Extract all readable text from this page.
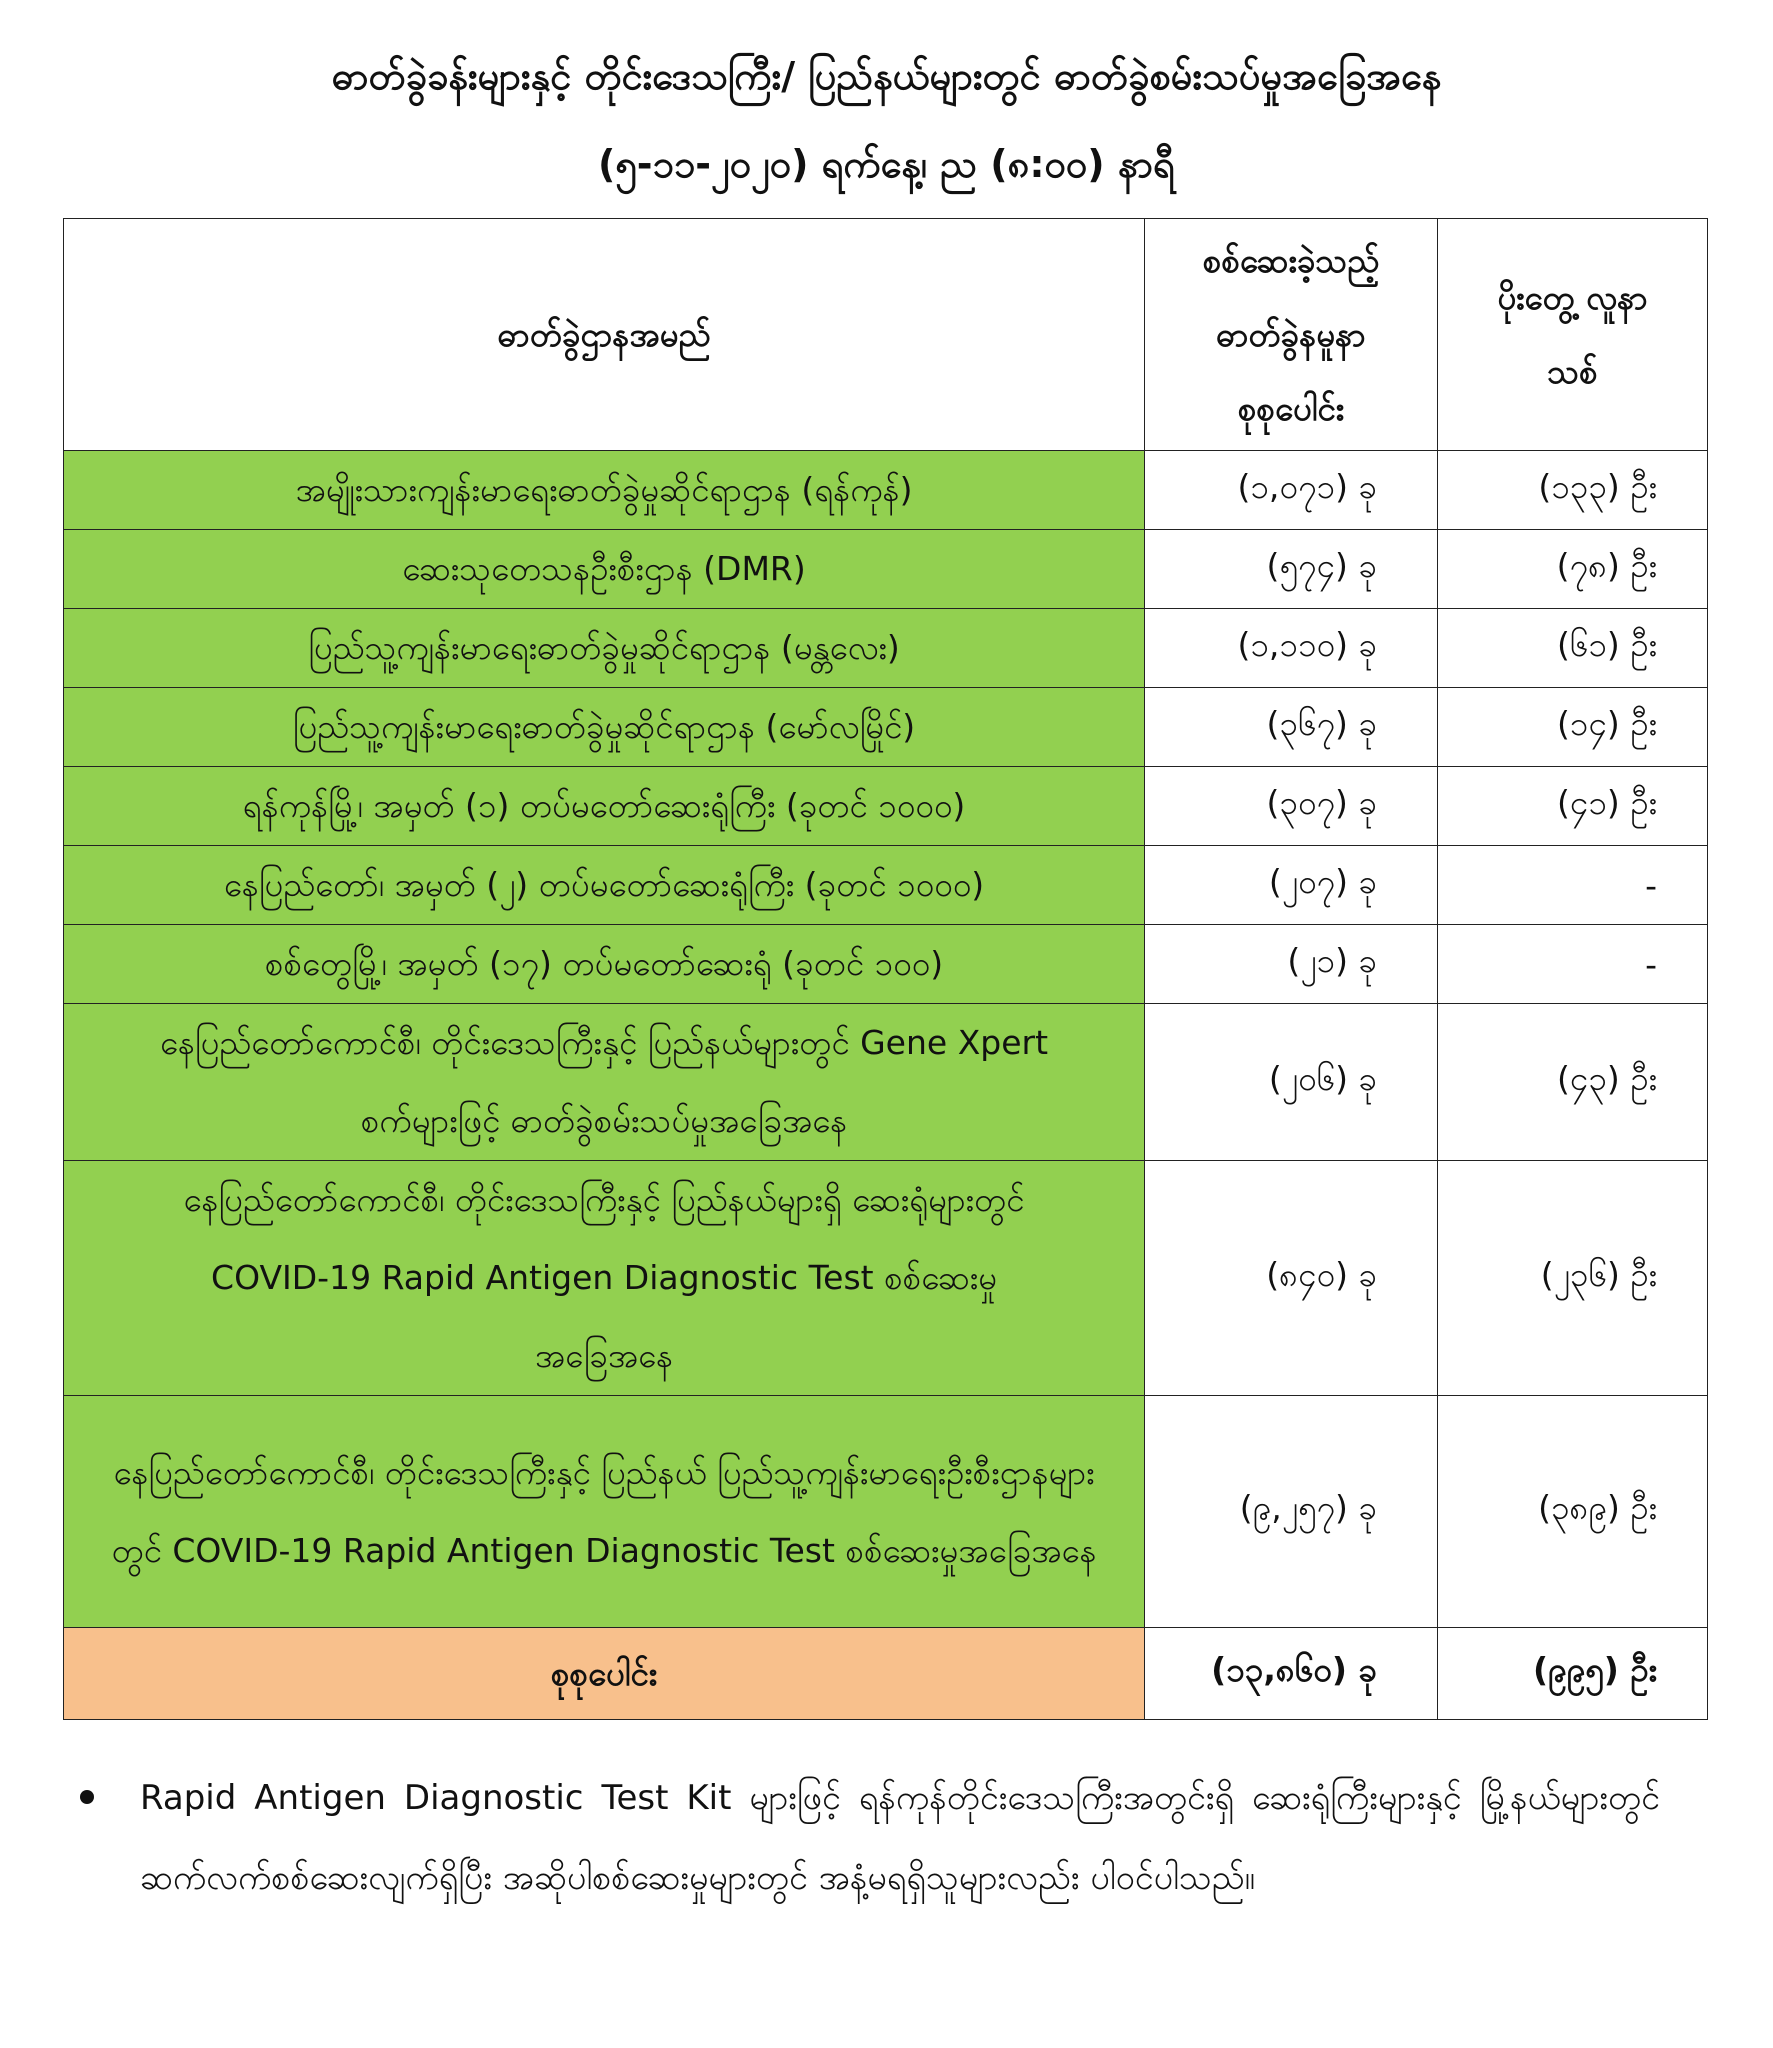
ဓာတ်ခွဲခန်းများနှင့် တိုင်းဒေသကြီး/ ပြည်နယ်များတွင် ဓာတ်ခွဲစမ်းသပ်မှုအခြေအနေ
(၅-၁၁-၂၀၂၀) ရက်နေ့၊ ည (၈:၀၀) နာရီ
ဓာတ်ခွဲဌာနအမည်	စစ်ဆေးခဲ့သည့် ဓာတ်ခွဲနမူနာ စုစုပေါင်း	ပိုးတွေ့ လူနာသစ်
အမျိုးသားကျန်းမာရေးဓာတ်ခွဲမှုဆိုင်ရာဌာန (ရန်ကုန်)	(၁,၀၇၁) ခု	(၁၃၃) ဦး
ဆေးသုတေသနဦးစီးဌာန (DMR)	(၅၇၄) ခု	(၇၈) ဦး
ပြည်သူ့ကျန်းမာရေးဓာတ်ခွဲမှုဆိုင်ရာဌာန (မန္တလေး)	(၁,၁၁၀) ခု	(၆၁) ဦး
ပြည်သူ့ကျန်းမာရေးဓာတ်ခွဲမှုဆိုင်ရာဌာန (မော်လမြိုင်)	(၃၆၇) ခု	(၁၄) ဦး
ရန်ကုန်မြို့၊ အမှတ် (၁) တပ်မတော်ဆေးရုံကြီး (ခုတင် ၁၀၀၀)	(၃၀၇) ခု	(၄၁) ဦး
နေပြည်တော်၊ အမှတ် (၂) တပ်မတော်ဆေးရုံကြီး (ခုတင် ၁၀၀၀)	(၂၀၇) ခု	-
စစ်တွေမြို့၊ အမှတ် (၁၇) တပ်မတော်ဆေးရုံ (ခုတင် ၁၀၀)	(၂၁) ခု	-
နေပြည်တော်ကောင်စီ၊ တိုင်းဒေသကြီးနှင့် ပြည်နယ်များတွင် Gene Xpert စက်များဖြင့် ဓာတ်ခွဲစမ်းသပ်မှုအခြေအနေ	(၂၀၆) ခု	(၄၃) ဦး
နေပြည်တော်ကောင်စီ၊ တိုင်းဒေသကြီးနှင့် ပြည်နယ်များရှိ ဆေးရုံများတွင် COVID-19 Rapid Antigen Diagnostic Test စစ်ဆေးမှုအခြေအနေ	(၈၄၀) ခု	(၂၃၆) ဦး
နေပြည်တော်ကောင်စီ၊ တိုင်းဒေသကြီးနှင့် ပြည်နယ် ပြည်သူ့ကျန်းမာရေးဦးစီးဌာနများတွင် COVID-19 Rapid Antigen Diagnostic Test စစ်ဆေးမှုအခြေအနေ	(၉,၂၅၇) ခု	(၃၈၉) ဦး
စုစုပေါင်း	(၁၃,၈၆၀) ခု	(၉၉၅) ဦး
Rapid Antigen Diagnostic Test Kit များဖြင့် ရန်ကုန်တိုင်းဒေသကြီးအတွင်းရှိ ဆေးရုံကြီးများနှင့် မြို့နယ်များတွင် ဆက်လက်စစ်ဆေးလျက်ရှိပြီး အဆိုပါစစ်ဆေးမှုများတွင် အနံ့မရရှိသူများလည်း ပါဝင်ပါသည်။
